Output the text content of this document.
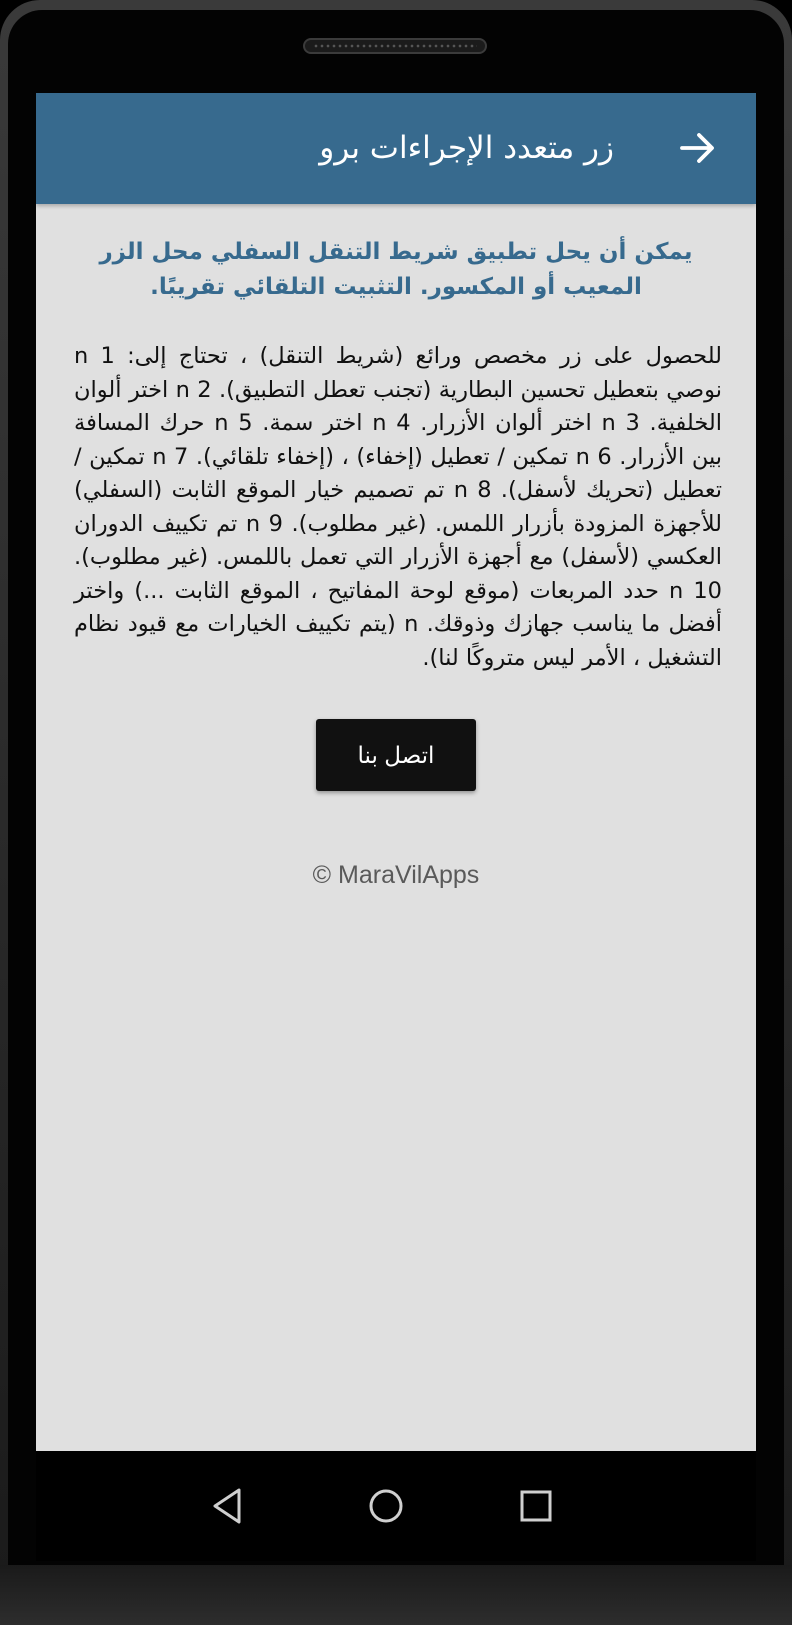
زر متعدد الإجراءات برو
يمكن أن يحل تطبيق شريط التنقل السفلي محل الزر المعيب أو المكسور. التثبيت التلقائي تقريبًا.
للحصول على زر مخصص ورائع (شريط التنقل) ، تحتاج إلى: 1 n نوصي بتعطيل تحسين البطارية (تجنب تعطل التطبيق). 2 n اختر ألوان الخلفية. 3 n اختر ألوان الأزرار. 4 n اختر سمة. 5 n حرك المسافة بين الأزرار. 6 n تمكين / تعطيل (إخفاء) ، (إخفاء تلقائي). 7 n تمكين / تعطيل (تحريك لأسفل). 8 n تم تصميم خيار الموقع الثابت (السفلي) للأجهزة المزودة بأزرار اللمس. (غير مطلوب). n 9 تم تكييف الدوران العكسي (لأسفل) مع أجهزة الأزرار التي تعمل باللمس. (غير مطلوب). 10 n حدد المربعات (موقع لوحة المفاتيح ، الموقع الثابت ...) واختر أفضل ما يناسب جهازك وذوقك. n (يتم تكييف الخيارات مع قيود نظام التشغيل ، الأمر ليس متروكًا لنا).
اتصل بنا
© MaraVilApps
